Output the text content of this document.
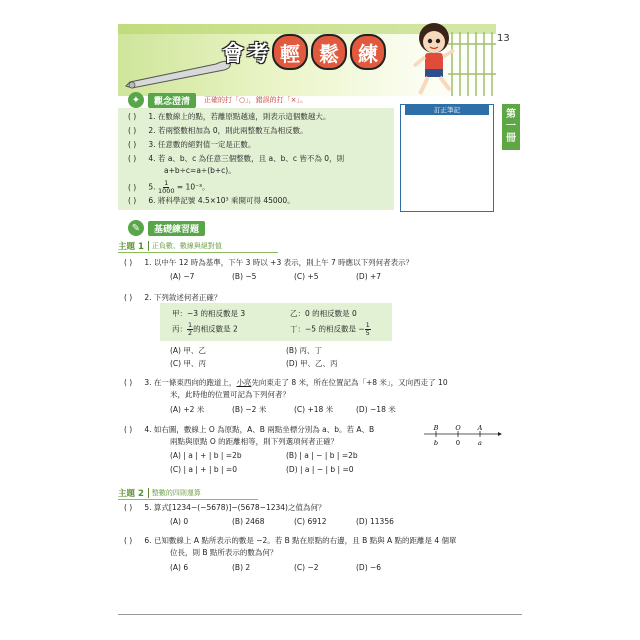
會 考 輕 鬆 練
13
第
一
冊
✦	觀念澄清	正確的打「○」，錯誤的打「×」。
( ) 1. 在數線上的點，若離原點越遠，則表示這個數越大。
( ) 2. 若兩整數相加為 0，則此兩整數互為相反數。
( ) 3. 任意數的絕對值一定是正數。
( ) 4. 若 a、b、c 為任意三個整數，且 a、b、c 皆不為 0，則
a+b÷c=a÷(b+c)。
( ) 5. $\frac{1}{1000} = 10^{-3}$。
( ) 6. 將科學記號 4.5×10³ 乘開可得 45000。
訂正筆記
✎	基礎練習題
主題 1	正負數、數線與絕對值
( ) 1. 以中午 12 時為基準，下午 3 時以 +3 表示，則上午 7 時應以下列何者表示？
(A) −7	(B) −5	(C) +5	(D) +7
( ) 2. 下列敘述何者正確？
甲：−3 的相反數是 3	乙：0 的相反數是 0
丙： $\frac{1}{2}$ 的相反數是 2	丁：−5 的相反數是 − $\frac{1}{5}$
(A) 甲、乙	(B) 丙、丁
(C) 甲、丙	(D) 甲、乙、丙
( ) 3. 在一條東西向的跑道上，小亮先向東走了 8 米，所在位置記為「+8 米」，又向西走了 10
米，此時他的位置可記為下列何者？
(A) +2 米	(B) −2 米	(C) +18 米	(D) −18 米
( ) 4. 如右圖，數線上 O 為原點，A、B 兩點坐標分別為 a、b。若 A、B
兩點與原點 O 的距離相等，則下列選項何者正確？
(A) | a | + | b | =2b	(B) | a | − | b | =2b
(C) | a | + | b | =0	(D) | a | − | b | =0
B	O	A
b	0	a
主題 2	整數的四則運算
( ) 5. 算式[1234−(−5678)]−(5678−1234)之值為何？
(A) 0	(B) 2468	(C) 6912	(D) 11356
( ) 6. 已知數線上 A 點所表示的數是 −2。若 B 點在原點的右邊，且 B 點與 A 點的距離是 4 個單
位長，則 B 點所表示的數為何？
(A) 6	(B) 2	(C) −2	(D) −6
